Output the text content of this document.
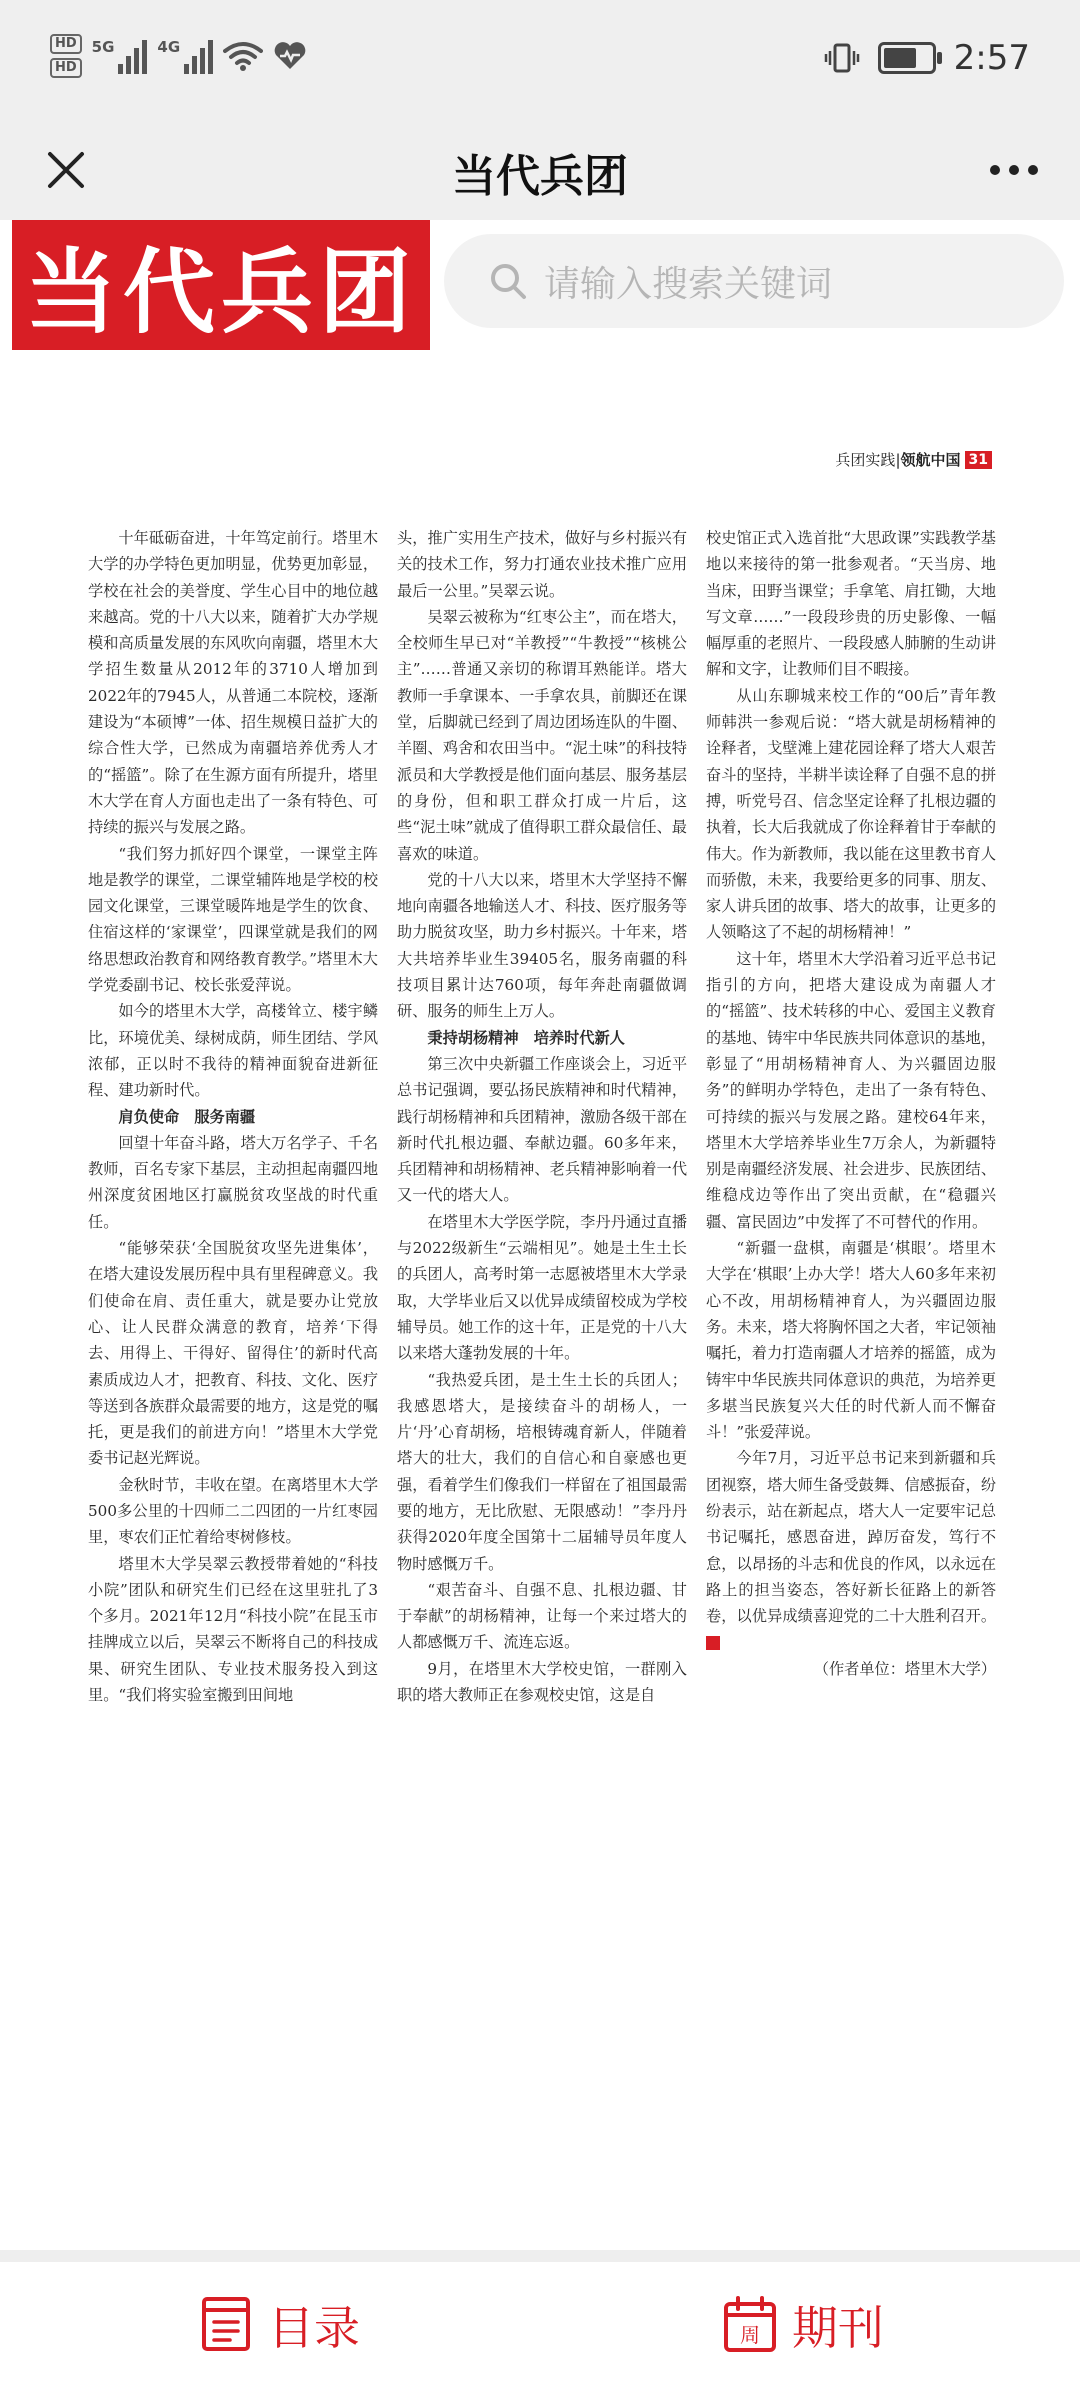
HD
HD
5G	4G	2:57
当代兵团
当代兵团	请输入搜索关键词
兵团实践 | 领航中国 31

十年砥砺奋进，十年笃定前行。塔里木大学的办学特色更加明显，优势更加彰显，学校在社会的美誉度、学生心目中的地位越来越高。党的十八大以来，随着扩大办学规模和高质量发展的东风吹向南疆，塔里木大学招生数量从2012年的3710人增加到2022年的7945人，从普通二本院校，逐渐建设为“本硕博”一体、招生规模日益扩大的综合性大学，已然成为南疆培养优秀人才的“摇篮”。除了在生源方面有所提升，塔里木大学在育人方面也走出了一条有特色、可持续的振兴与发展之路。

“我们努力抓好四个课堂，一课堂主阵地是教学的课堂，二课堂辅阵地是学校的校园文化课堂，三课堂暖阵地是学生的饮食、住宿这样的‘家课堂’，四课堂就是我们的网络思想政治教育和网络教育教学。”塔里木大学党委副书记、校长张爱萍说。

如今的塔里木大学，高楼耸立、楼宇鳞比，环境优美、绿树成荫，师生团结、学风浓郁，正以时不我待的精神面貌奋进新征程、建功新时代。

肩负使命　服务南疆

回望十年奋斗路，塔大万名学子、千名教师，百名专家下基层，主动担起南疆四地州深度贫困地区打赢脱贫攻坚战的时代重任。

“能够荣获‘全国脱贫攻坚先进集体’，在塔大建设发展历程中具有里程碑意义。我们使命在肩、责任重大，就是要办让党放心、让人民群众满意的教育，培养‘下得去、用得上、干得好、留得住’的新时代高素质成边人才，把教育、科技、文化、医疗等送到各族群众最需要的地方，这是党的嘱托，更是我们的前进方向！”塔里木大学党委书记赵光辉说。

金秋时节，丰收在望。在离塔里木大学500多公里的十四师二二四团的一片红枣园里，枣农们正忙着给枣树修枝。

塔里木大学吴翠云教授带着她的“科技小院”团队和研究生们已经在这里驻扎了3个多月。2021年12月“科技小院”在昆玉市挂牌成立以后，吴翠云不断将自己的科技成果、研究生团队、专业技术服务投入到这里。“我们将实验室搬到田间地

头，推广实用生产技术，做好与乡村振兴有关的技术工作，努力打通农业技术推广应用最后一公里。”吴翠云说。

吴翠云被称为“红枣公主”，而在塔大，全校师生早已对“羊教授”“牛教授”“核桃公主”……普通又亲切的称谓耳熟能详。塔大教师一手拿课本、一手拿农具，前脚还在课堂，后脚就已经到了周边团场连队的牛圈、羊圈、鸡舍和农田当中。“泥土味”的科技特派员和大学教授是他们面向基层、服务基层的身份，但和职工群众打成一片后，这些“泥土味”就成了值得职工群众最信任、最喜欢的味道。

党的十八大以来，塔里木大学坚持不懈地向南疆各地输送人才、科技、医疗服务等助力脱贫攻坚，助力乡村振兴。十年来，塔大共培养毕业生39405名，服务南疆的科技项目累计达760项，每年奔赴南疆做调研、服务的师生上万人。

秉持胡杨精神　培养时代新人

第三次中央新疆工作座谈会上，习近平总书记强调，要弘扬民族精神和时代精神，践行胡杨精神和兵团精神，激励各级干部在新时代扎根边疆、奉献边疆。60多年来，兵团精神和胡杨精神、老兵精神影响着一代又一代的塔大人。

在塔里木大学医学院，李丹丹通过直播与2022级新生“云端相见”。她是土生土长的兵团人，高考时第一志愿被塔里木大学录取，大学毕业后又以优异成绩留校成为学校辅导员。她工作的这十年，正是党的十八大以来塔大蓬勃发展的十年。

“我热爱兵团，是土生土长的兵团人；我感恩塔大，是接续奋斗的胡杨人，一片‘丹’心育胡杨，培根铸魂育新人，伴随着塔大的壮大，我们的自信心和自豪感也更强，看着学生们像我们一样留在了祖国最需要的地方，无比欣慰、无限感动！”李丹丹获得2020年度全国第十二届辅导员年度人物时感慨万千。

“艰苦奋斗、自强不息、扎根边疆、甘于奉献”的胡杨精神，让每一个来过塔大的人都感慨万千、流连忘返。

9月，在塔里木大学校史馆，一群刚入职的塔大教师正在参观校史馆，这是自

校史馆正式入选首批“大思政课”实践教学基地以来接待的第一批参观者。“天当房、地当床，田野当课堂；手拿笔、肩扛锄，大地写文章……”一段段珍贵的历史影像、一幅幅厚重的老照片、一段段感人肺腑的生动讲解和文字，让教师们目不暇接。

从山东聊城来校工作的“00后”青年教师韩洪一参观后说：“塔大就是胡杨精神的诠释者，戈壁滩上建花园诠释了塔大人艰苦奋斗的坚持，半耕半读诠释了自强不息的拼搏，听党号召、信念坚定诠释了扎根边疆的执着，长大后我就成了你诠释着甘于奉献的伟大。作为新教师，我以能在这里教书育人而骄傲，未来，我要给更多的同事、朋友、家人讲兵团的故事、塔大的故事，让更多的人领略这了不起的胡杨精神！”

这十年，塔里木大学沿着习近平总书记指引的方向，把塔大建设成为南疆人才的“摇篮”、技术转移的中心、爱国主义教育的基地、铸牢中华民族共同体意识的基地，彰显了“用胡杨精神育人、为兴疆固边服务”的鲜明办学特色，走出了一条有特色、可持续的振兴与发展之路。建校64年来，塔里木大学培养毕业生7万余人，为新疆特别是南疆经济发展、社会进步、民族团结、维稳戍边等作出了突出贡献，在“稳疆兴疆、富民固边”中发挥了不可替代的作用。

“新疆一盘棋，南疆是‘棋眼’。塔里木大学在‘棋眼’上办大学！塔大人60多年来初心不改，用胡杨精神育人，为兴疆固边服务。未来，塔大将胸怀国之大者，牢记领袖嘱托，着力打造南疆人才培养的摇篮，成为铸牢中华民族共同体意识的典范，为培养更多堪当民族复兴大任的时代新人而不懈奋斗！”张爱萍说。

今年7月，习近平总书记来到新疆和兵团视察，塔大师生备受鼓舞、信感振奋，纷纷表示，站在新起点，塔大人一定要牢记总书记嘱托，感恩奋进，踔厉奋发，笃行不怠，以昂扬的斗志和优良的作风，以永远在路上的担当姿态，答好新长征路上的新答卷，以优异成绩喜迎党的二十大胜利召开。

（作者单位：塔里木大学）

目录	周 期刊
